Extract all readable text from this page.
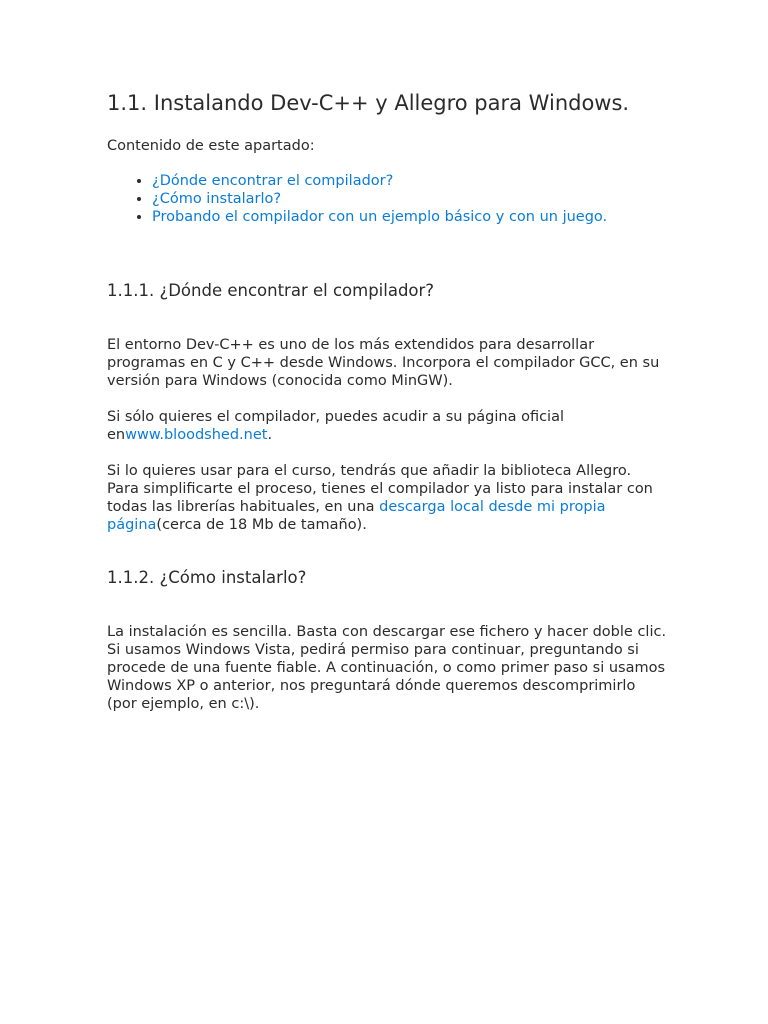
1.1. Instalando Dev-C++ y Allegro para Windows.

Contenido de este apartado:

• ¿Dónde encontrar el compilador?
• ¿Cómo instalarlo?
• Probando el compilador con un ejemplo básico y con un juego.
1.1.1. ¿Dónde encontrar el compilador?

El entorno Dev-C++ es uno de los más extendidos para desarrollar programas en C y C++ desde Windows. Incorpora el compilador GCC, en su versión para Windows (conocida como MinGW).

Si sólo quieres el compilador, puedes acudir a su página oficial enwww.bloodshed.net.

Si lo quieres usar para el curso, tendrás que añadir la biblioteca Allegro. Para simplificarte el proceso, tienes el compilador ya listo para instalar con todas las librerías habituales, en una descarga local desde mi propia página(cerca de 18 Mb de tamaño).

1.1.2. ¿Cómo instalarlo?

La instalación es sencilla. Basta con descargar ese fichero y hacer doble clic. Si usamos Windows Vista, pedirá permiso para continuar, preguntando si procede de una fuente fiable. A continuación, o como primer paso si usamos Windows XP o anterior, nos preguntará dónde queremos descomprimirlo (por ejemplo, en c:\).
